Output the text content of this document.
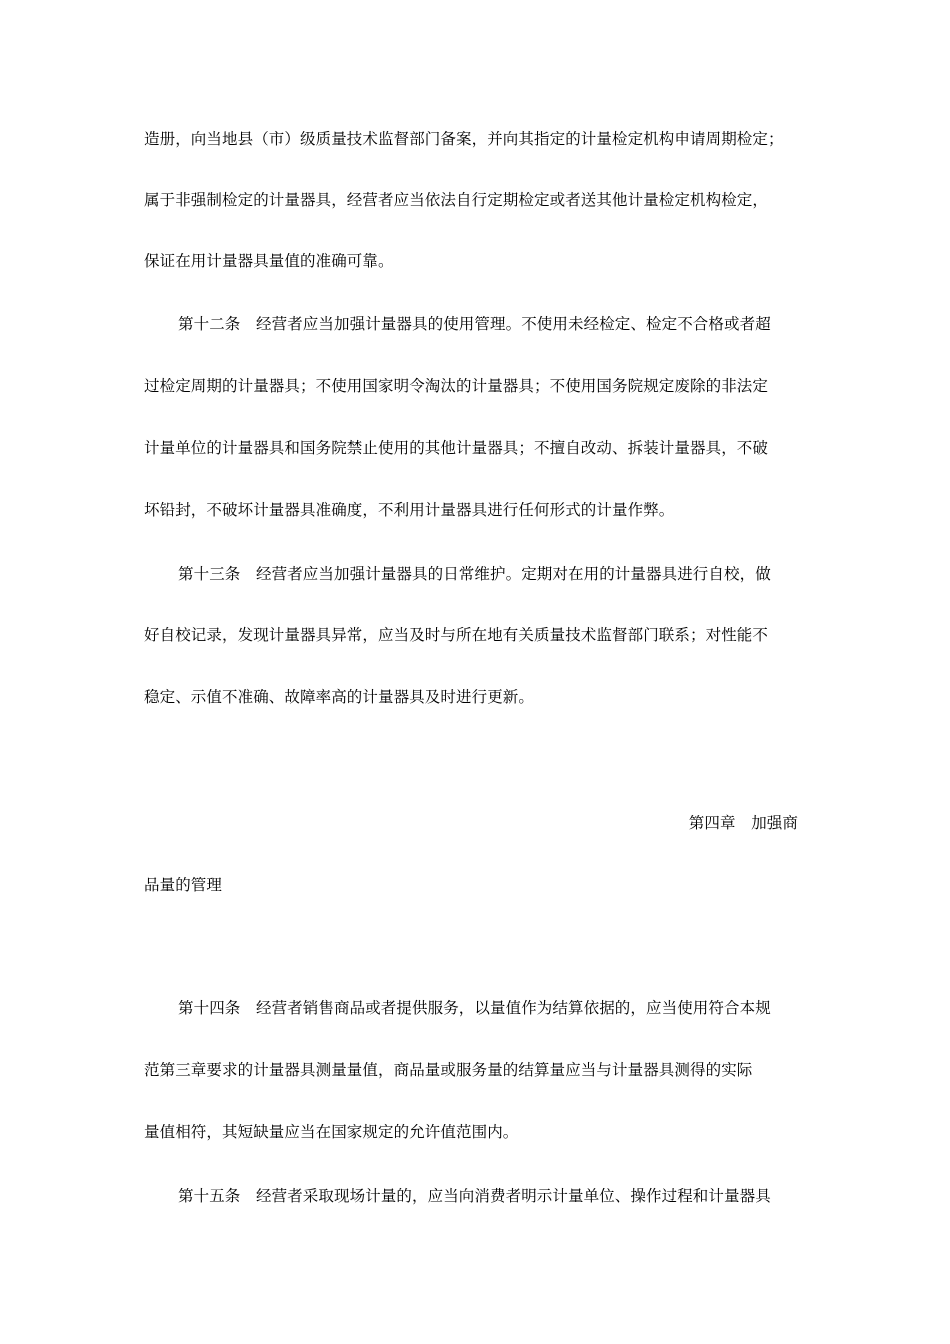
造册，向当地县（市）级质量技术监督部门备案，并向其指定的计量检定机构申请周期检定；
属于非强制检定的计量器具，经营者应当依法自行定期检定或者送其他计量检定机构检定，
保证在用计量器具量值的准确可靠。
第十二条　经营者应当加强计量器具的使用管理。不使用未经检定、检定不合格或者超
过检定周期的计量器具；不使用国家明令淘汰的计量器具；不使用国务院规定废除的非法定
计量单位的计量器具和国务院禁止使用的其他计量器具；不擅自改动、拆装计量器具，不破
坏铅封，不破坏计量器具准确度，不利用计量器具进行任何形式的计量作弊。
第十三条　经营者应当加强计量器具的日常维护。定期对在用的计量器具进行自校，做
好自校记录，发现计量器具异常，应当及时与所在地有关质量技术监督部门联系；对性能不
稳定、示值不准确、故障率高的计量器具及时进行更新。
第四章　加强商
品量的管理
第十四条　经营者销售商品或者提供服务，以量值作为结算依据的，应当使用符合本规
范第三章要求的计量器具测量量值，商品量或服务量的结算量应当与计量器具测得的实际
量值相符，其短缺量应当在国家规定的允许值范围内。
第十五条　经营者采取现场计量的，应当向消费者明示计量单位、操作过程和计量器具
